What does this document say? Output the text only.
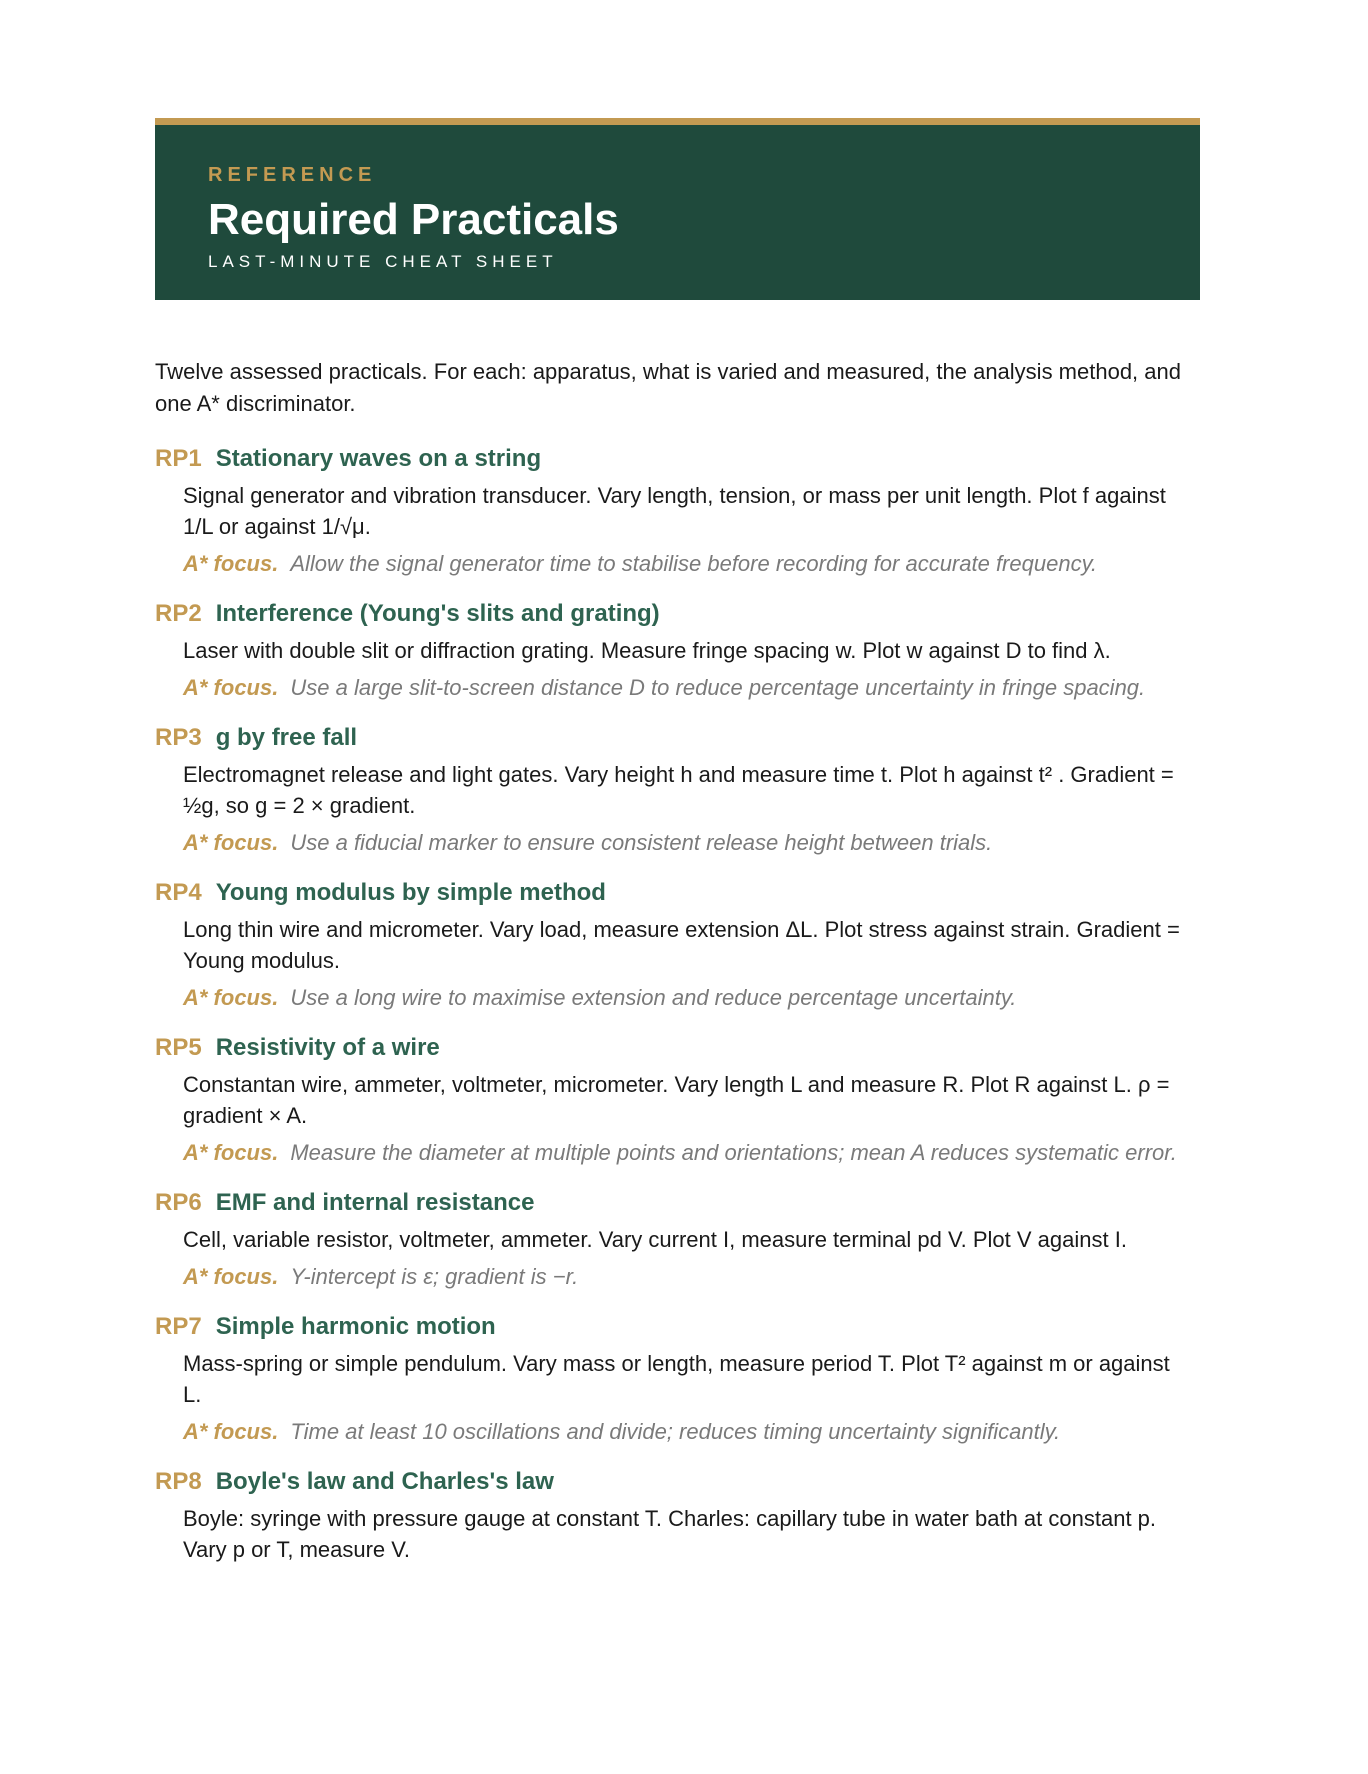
REFERENCE
Required Practicals
LAST-MINUTE CHEAT SHEET
Twelve assessed practicals. For each: apparatus, what is varied and measured, the analysis method, and one A* discriminator.
RP1 Stationary waves on a string
Signal generator and vibration transducer. Vary length, tension, or mass per unit length. Plot f against 1/L or against 1/√μ.
A* focus. Allow the signal generator time to stabilise before recording for accurate frequency.
RP2 Interference (Young's slits and grating)
Laser with double slit or diffraction grating. Measure fringe spacing w. Plot w against D to find λ.
A* focus. Use a large slit-to-screen distance D to reduce percentage uncertainty in fringe spacing.
RP3 g by free fall
Electromagnet release and light gates. Vary height h and measure time t. Plot h against t² . Gradient = ½g, so g = 2 × gradient.
A* focus. Use a fiducial marker to ensure consistent release height between trials.
RP4 Young modulus by simple method
Long thin wire and micrometer. Vary load, measure extension ΔL. Plot stress against strain. Gradient = Young modulus.
A* focus. Use a long wire to maximise extension and reduce percentage uncertainty.
RP5 Resistivity of a wire
Constantan wire, ammeter, voltmeter, micrometer. Vary length L and measure R. Plot R against L. ρ = gradient × A.
A* focus. Measure the diameter at multiple points and orientations; mean A reduces systematic error.
RP6 EMF and internal resistance
Cell, variable resistor, voltmeter, ammeter. Vary current I, measure terminal pd V. Plot V against I.
A* focus. Y-intercept is ε; gradient is −r.
RP7 Simple harmonic motion
Mass-spring or simple pendulum. Vary mass or length, measure period T. Plot T² against m or against L.
A* focus. Time at least 10 oscillations and divide; reduces timing uncertainty significantly.
RP8 Boyle's law and Charles's law
Boyle: syringe with pressure gauge at constant T. Charles: capillary tube in water bath at constant p. Vary p or T, measure V.
